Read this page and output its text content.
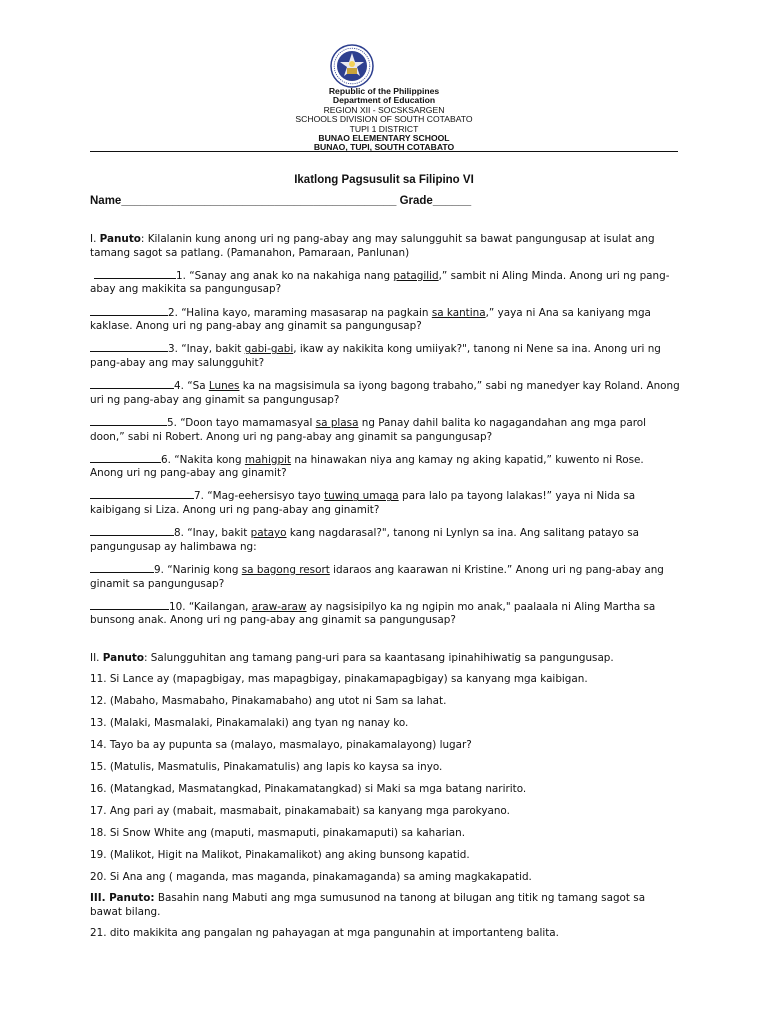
Republic of the Philippines
Department of Education
REGION XII - SOCSKSARGEN
SCHOOLS DIVISION OF SOUTH COTABATO
TUPI 1 DISTRICT
BUNAO ELEMENTARY SCHOOL
BUNAO, TUPI, SOUTH COTABATO
Ikatlong Pagsusulit sa Filipino VI
Name___________________________________________ Grade______
I. Panuto: Kilalanin kung anong uri ng pang-abay ang may salungguhit sa bawat pangungusap at isulat ang tamang sagot sa patlang. (Pamanahon, Pamaraan, Panlunan)
1. “Sanay ang anak ko na nakahiga nang patagilid,” sambit ni Aling Minda. Anong uri ng pang-abay ang makikita sa pangungusap?
2. “Halina kayo, maraming masasarap na pagkain sa kantina,” yaya ni Ana sa kaniyang mga kaklase. Anong uri ng pang-abay ang ginamit sa pangungusap?
3. “Inay, bakit gabi-gabi, ikaw ay nakikita kong umiiyak?", tanong ni Nene sa ina. Anong uri ng pang-abay ang may salungguhit?
4. “Sa Lunes ka na magsisimula sa iyong bagong trabaho,” sabi ng manedyer kay Roland. Anong uri ng pang-abay ang ginamit sa pangungusap?
5. “Doon tayo mamamasyal sa plasa ng Panay dahil balita ko nagagandahan ang mga parol doon,” sabi ni Robert. Anong uri ng pang-abay ang ginamit sa pangungusap?
6. “Nakita kong mahigpit na hinawakan niya ang kamay ng aking kapatid,” kuwento ni Rose. Anong uri ng pang-abay ang ginamit?
7. “Mag-eehersisyo tayo tuwing umaga para lalo pa tayong lalakas!” yaya ni Nida sa kaibigang si Liza. Anong uri ng pang-abay ang ginamit?
8. “Inay, bakit patayo kang nagdarasal?", tanong ni Lynlyn sa ina. Ang salitang patayo sa pangungusap ay halimbawa ng:
9. “Narinig kong sa bagong resort idaraos ang kaarawan ni Kristine.” Anong uri ng pang-abay ang ginamit sa pangungusap?
10. “Kailangan, araw-araw ay nagsisipilyo ka ng ngipin mo anak," paalaala ni Aling Martha sa bunsong anak. Anong uri ng pang-abay ang ginamit sa pangungusap?
II. Panuto: Salungguhitan ang tamang pang-uri para sa kaantasang ipinahihiwatig sa pangungusap.
11. Si Lance ay (mapagbigay, mas mapagbigay, pinakamapagbigay) sa kanyang mga kaibigan.
12. (Mabaho, Masmabaho, Pinakamabaho) ang utot ni Sam sa lahat.
13. (Malaki, Masmalaki, Pinakamalaki) ang tyan ng nanay ko.
14. Tayo ba ay pupunta sa (malayo, masmalayo, pinakamalayong) lugar?
15. (Matulis, Masmatulis, Pinakamatulis) ang lapis ko kaysa sa inyo.
16. (Matangkad, Masmatangkad, Pinakamatangkad) si Maki sa mga batang naririto.
17. Ang pari ay (mabait, masmabait, pinakamabait) sa kanyang mga parokyano.
18. Si Snow White ang (maputi, masmaputi, pinakamaputi) sa kaharian.
19. (Malikot, Higit na Malikot, Pinakamalikot) ang aking bunsong kapatid.
20. Si Ana ang ( maganda, mas maganda, pinakamaganda) sa aming magkakapatid.
III. Panuto: Basahin nang Mabuti ang mga sumusunod na tanong at bilugan ang titik ng tamang sagot sa bawat bilang.
21. dito makikita ang pangalan ng pahayagan at mga pangunahin at importanteng balita.
